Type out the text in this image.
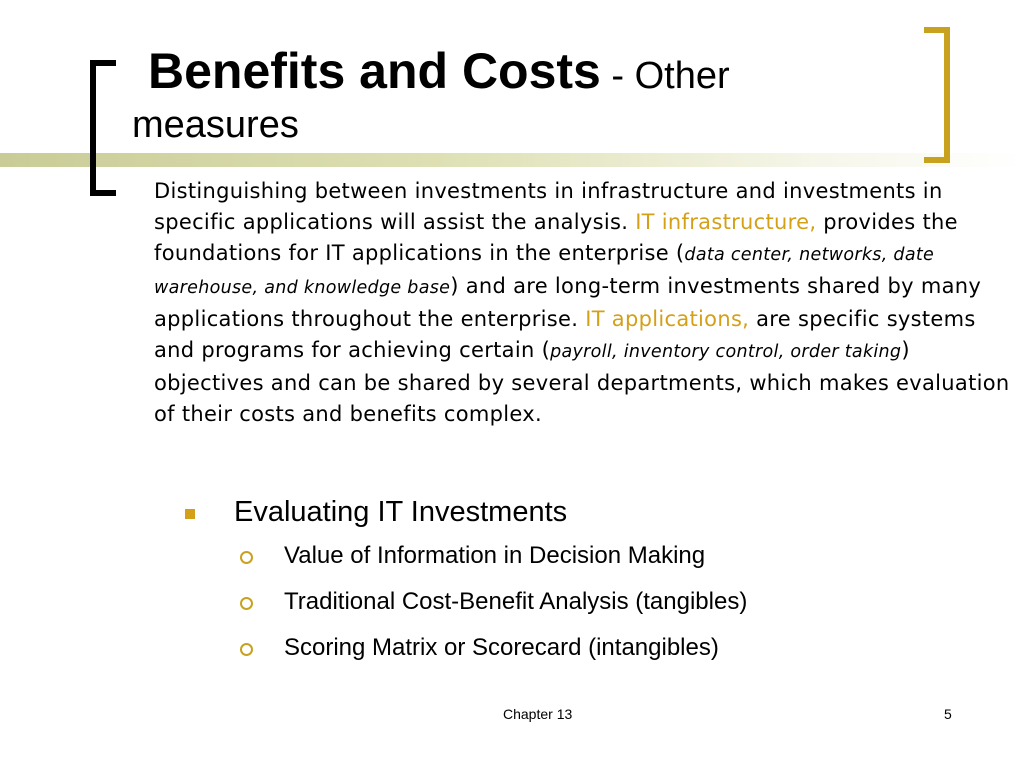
Benefits and Costs - Other
measures
Distinguishing between investments in infrastructure and investments in specific applications will assist the analysis. IT infrastructure, provides the foundations for IT applications in the enterprise (data center, networks, date warehouse, and knowledge base) and are long-term investments shared by many applications throughout the enterprise. IT applications, are specific systems and programs for achieving certain (payroll, inventory control, order taking) objectives and can be shared by several departments, which makes evaluation of their costs and benefits complex.
Evaluating IT Investments
Value of Information in Decision Making
Traditional Cost-Benefit Analysis (tangibles)
Scoring Matrix or Scorecard (intangibles)
Chapter 13	5
